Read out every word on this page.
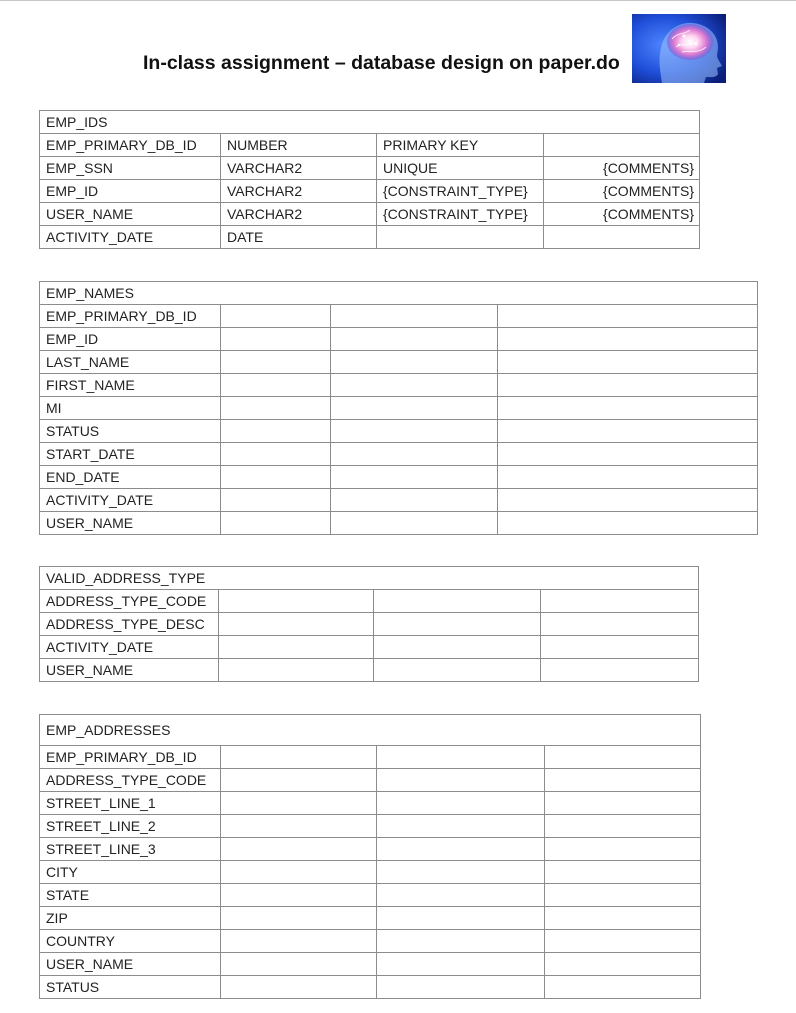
In-class assignment – database design on paper.do
EMP_IDS			
EMP_PRIMARY_DB_ID	NUMBER	PRIMARY KEY	
EMP_SSN	VARCHAR2	UNIQUE	{COMMENTS}
EMP_ID	VARCHAR2	{CONSTRAINT_TYPE}	{COMMENTS}
USER_NAME	VARCHAR2	{CONSTRAINT_TYPE}	{COMMENTS}
ACTIVITY_DATE	DATE		
EMP_NAMES			
EMP_PRIMARY_DB_ID			
EMP_ID			
LAST_NAME			
FIRST_NAME			
MI			
STATUS			
START_DATE			
END_DATE			
ACTIVITY_DATE			
USER_NAME			
VALID_ADDRESS_TYPE			
ADDRESS_TYPE_CODE			
ADDRESS_TYPE_DESC			
ACTIVITY_DATE			
USER_NAME			
EMP_ADDRESSES			
EMP_PRIMARY_DB_ID			
ADDRESS_TYPE_CODE			
STREET_LINE_1			
STREET_LINE_2			
STREET_LINE_3			
CITY			
STATE			
ZIP			
COUNTRY			
USER_NAME			
STATUS			
